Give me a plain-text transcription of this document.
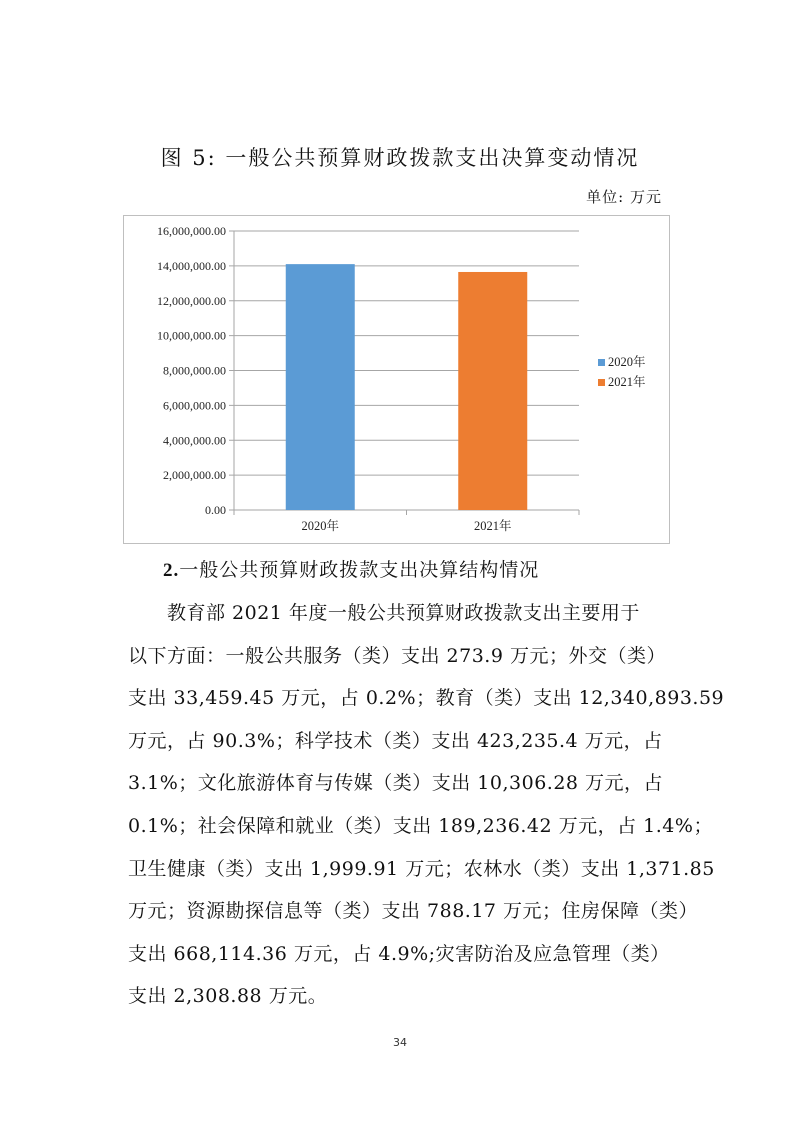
图 5: 一般公共预算财政拨款支出决算变动情况
单位: 万元
0.00
2,000,000.00
4,000,000.00
6,000,000.00
8,000,000.00
10,000,000.00
12,000,000.00
14,000,000.00
16,000,000.00
2020年	2021年
2020年
2021年
2.一般公共预算财政拨款支出决算结构情况
　　教育部 2021 年度一般公共预算财政拨款支出主要用于
以下方面：一般公共服务（类）支出 273.9 万元；外交（类）
支出 33,459.45 万元，占 0.2%；教育（类）支出 12,340,893.59
万元，占 90.3%；科学技术（类）支出 423,235.4 万元，占
3.1%；文化旅游体育与传媒（类）支出 10,306.28 万元，占
0.1%；社会保障和就业（类）支出 189,236.42 万元，占 1.4%；
卫生健康（类）支出 1,999.91 万元；农林水（类）支出 1,371.85
万元；资源勘探信息等（类）支出 788.17 万元；住房保障（类）
支出 668,114.36 万元，占 4.9%;灾害防治及应急管理（类）
支出 2,308.88 万元。
34
